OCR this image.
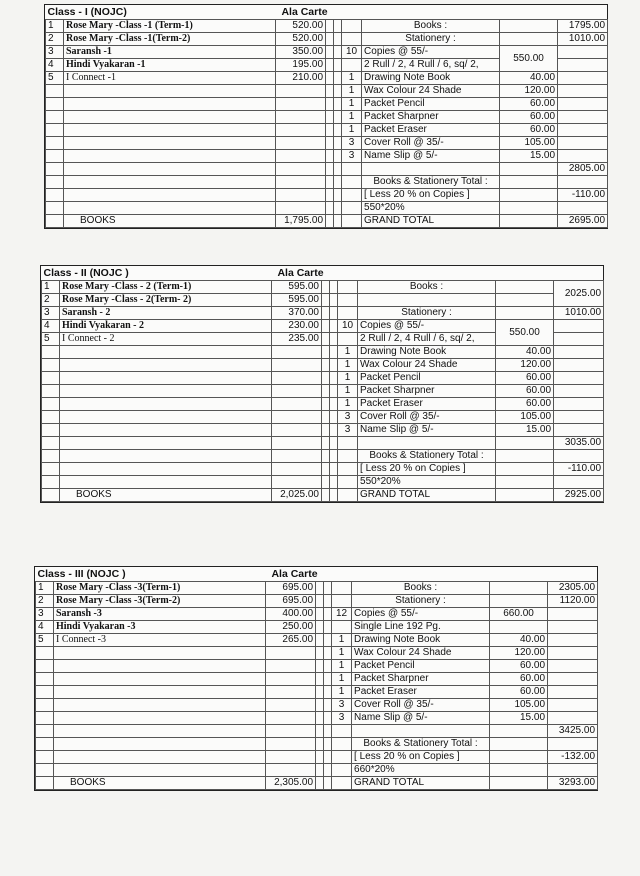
Class - I (NOJC)		Ala Carte						
1	Rose Mary -Class -1 (Term-1)	520.00				Books :		1795.00
2	Rose Mary -Class -1(Term-2)	520.00				Stationery :		1010.00
3	Saransh -1	350.00			10	Copies @ 55/-	550.00	
4	Hindi Vyakaran -1	195.00				2 Rull / 2, 4 Rull / 6, sq/ 2,		
5	I Connect -1	210.00			1	Drawing Note Book	40.00	
					1	Wax Colour 24 Shade	120.00	
					1	Packet Pencil	60.00	
					1	Packet Sharpner	60.00	
					1	Packet Eraser	60.00	
					3	Cover Roll @ 35/-	105.00	
					3	Name Slip @ 5/-	15.00	
								2805.00
						Books & Stationery Total :		
						[ Less 20 % on Copies ]		-110.00
						550*20%		
	BOOKS	1,795.00				GRAND TOTAL		2695.00
Class - II (NOJC )		Ala Carte						
1	Rose Mary -Class - 2 (Term-1)	595.00				Books :		2025.00
2	Rose Mary -Class - 2(Term- 2)	595.00						
3	Saransh - 2	370.00				Stationery :		1010.00
4	Hindi Vyakaran - 2	230.00			10	Copies @ 55/-	550.00	
5	I Connect - 2	235.00				2 Rull / 2, 4 Rull / 6, sq/ 2,		
					1	Drawing Note Book	40.00	
					1	Wax Colour 24 Shade	120.00	
					1	Packet Pencil	60.00	
					1	Packet Sharpner	60.00	
					1	Packet Eraser	60.00	
					3	Cover Roll @ 35/-	105.00	
					3	Name Slip @ 5/-	15.00	
								3035.00
						Books & Stationery Total :		
						[ Less 20 % on Copies ]		-110.00
						550*20%		
	BOOKS	2,025.00				GRAND TOTAL		2925.00
Class - III (NOJC )		Ala Carte						
1	Rose Mary -Class -3(Term-1)	695.00				Books :		2305.00
2	Rose Mary -Class -3(Term-2)	695.00				Stationery :		1120.00
3	Saransh -3	400.00			12	Copies @ 55/-	660.00	
4	Hindi Vyakaran -3	250.00				Single Line 192 Pg.		
5	I Connect -3	265.00			1	Drawing Note Book	40.00	
					1	Wax Colour 24 Shade	120.00	
					1	Packet Pencil	60.00	
					1	Packet Sharpner	60.00	
					1	Packet Eraser	60.00	
					3	Cover Roll @ 35/-	105.00	
					3	Name Slip @ 5/-	15.00	
								3425.00
						Books & Stationery Total :		
						[ Less 20 % on Copies ]		-132.00
						660*20%		
	BOOKS	2,305.00				GRAND TOTAL		3293.00
